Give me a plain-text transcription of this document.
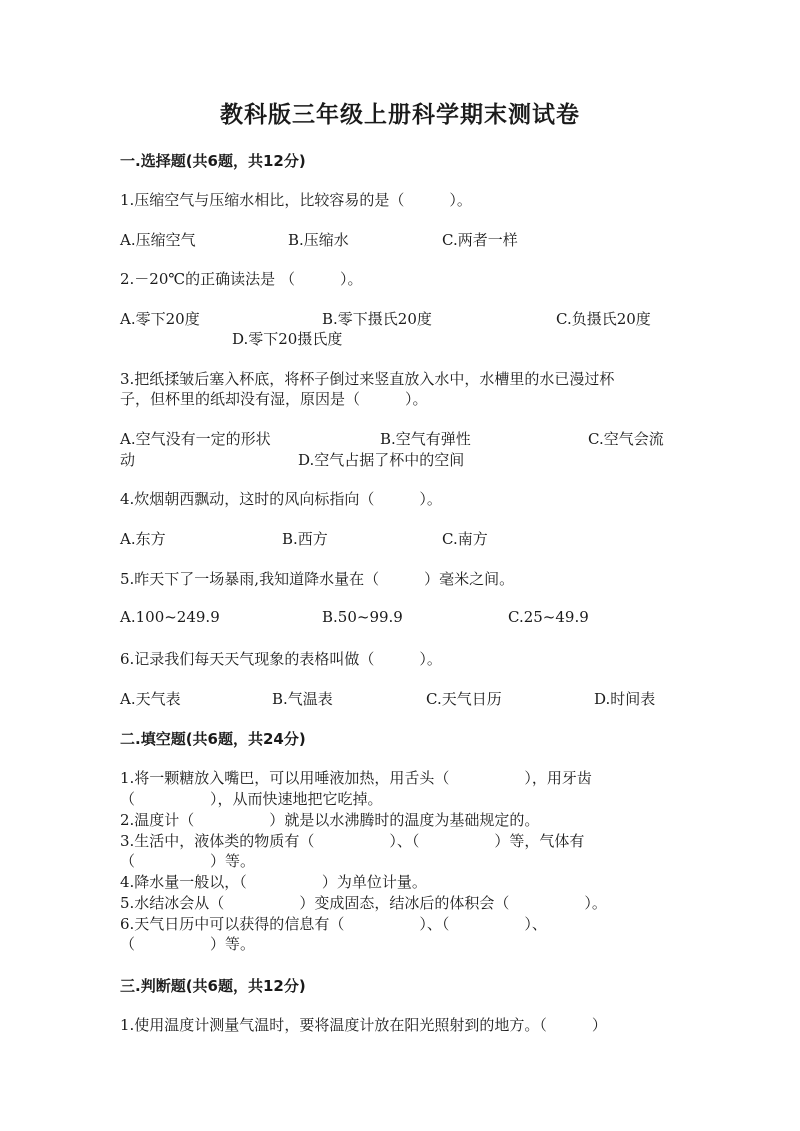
教科版三年级上册科学期末测试卷
一.选择题(共6题，共12分)
1.压缩空气与压缩水相比，比较容易的是（　　　）。
A.压缩空气	B.压缩水	C.两者一样
2.－20℃的正确读法是 （　　　）。
A.零下20度	B.零下摄氏20度	C.负摄氏20度
D.零下20摄氏度
3.把纸揉皱后塞入杯底，将杯子倒过来竖直放入水中，水槽里的水已漫过杯
子，但杯里的纸却没有湿，原因是（　　　）。
A.空气没有一定的形状	B.空气有弹性	C.空气会流
动	D.空气占据了杯中的空间
4.炊烟朝西飘动，这时的风向标指向（　　　）。
A.东方	B.西方	C.南方
5.昨天下了一场暴雨,我知道降水量在（　　　）毫米之间。
A.100~249.9	B.50~99.9	C.25~49.9
6.记录我们每天天气现象的表格叫做（　　　）。
A.天气表	B.气温表	C.天气日历	D.时间表
二.填空题(共6题，共24分)
1.将一颗糖放入嘴巴，可以用唾液加热，用舌头（　　　　　），用牙齿
（　　　　　），从而快速地把它吃掉。
2.温度计（　　　　　）就是以水沸腾时的温度为基础规定的。
3.生活中，液体类的物质有（　　　　　）、（　　　　　）等，气体有
（　　　　　）等。
4.降水量一般以，（　　　　　）为单位计量。
5.水结冰会从（　　　　　）变成固态，结冰后的体积会（　　　　　）。
6.天气日历中可以获得的信息有（　　　　　）、（　　　　　）、
（　　　　　）等。
三.判断题(共6题，共12分)
1.使用温度计测量气温时，要将温度计放在阳光照射到的地方。（　　　）
